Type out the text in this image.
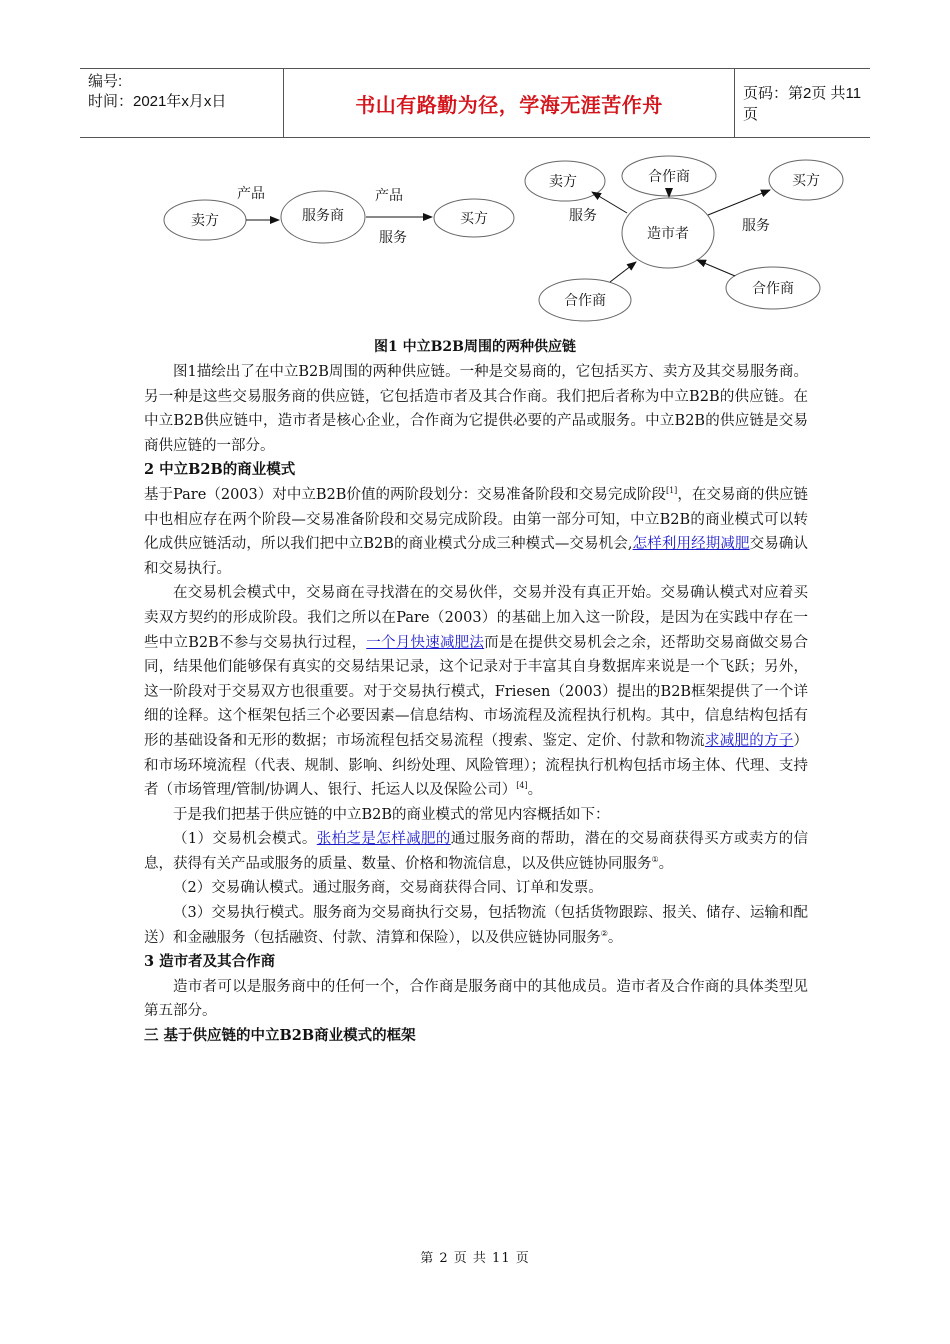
编号:
时间：2021年x月x日	书山有路勤为径，学海无涯苦作舟	页码：第2页 共11页
卖方	服务商	买方
产品	产品
服务
卖方	合作商	买方
造市者
合作商
合作商
服务
服务
图1 中立B2B周围的两种供应链

图1描绘出了在中立B2B周围的两种供应链。一种是交易商的，它包括买方、卖方及其交易服务商。另一种是这些交易服务商的供应链，它包括造市者及其合作商。我们把后者称为中立B2B的供应链。在中立B2B供应链中，造市者是核心企业，合作商为它提供必要的产品或服务。中立B2B的供应链是交易商供应链的一部分。

2 中立B2B的商业模式

基于Pare（2003）对中立B2B价值的两阶段划分：交易准备阶段和交易完成阶段[1]，在交易商的供应链中也相应存在两个阶段—交易准备阶段和交易完成阶段。由第一部分可知，中立B2B的商业模式可以转化成供应链活动，所以我们把中立B2B的商业模式分成三种模式—交易机会,怎样利用经期减肥交易确认和交易执行。

在交易机会模式中，交易商在寻找潜在的交易伙伴，交易并没有真正开始。交易确认模式对应着买卖双方契约的形成阶段。我们之所以在Pare（2003）的基础上加入这一阶段，是因为在实践中存在一些中立B2B不参与交易执行过程，一个月快速减肥法而是在提供交易机会之余，还帮助交易商做交易合同，结果他们能够保有真实的交易结果记录，这个记录对于丰富其自身数据库来说是一个飞跃；另外，这一阶段对于交易双方也很重要。对于交易执行模式，Friesen（2003）提出的B2B框架提供了一个详细的诠释。这个框架包括三个必要因素—信息结构、市场流程及流程执行机构。其中，信息结构包括有形的基础设备和无形的数据；市场流程包括交易流程（搜索、鉴定、定价、付款和物流求减肥的方子）和市场环境流程（代表、规制、影响、纠纷处理、风险管理）；流程执行机构包括市场主体、代理、支持者（市场管理/管制/协调人、银行、托运人以及保险公司）[4]。

于是我们把基于供应链的中立B2B的商业模式的常见内容概括如下：

（1）交易机会模式。张柏芝是怎样减肥的通过服务商的帮助，潜在的交易商获得买方或卖方的信息，获得有关产品或服务的质量、数量、价格和物流信息，以及供应链协同服务①。

（2）交易确认模式。通过服务商，交易商获得合同、订单和发票。

（3）交易执行模式。服务商为交易商执行交易，包括物流（包括货物跟踪、报关、储存、运输和配送）和金融服务（包括融资、付款、清算和保险），以及供应链协同服务②。

3 造市者及其合作商

造市者可以是服务商中的任何一个，合作商是服务商中的其他成员。造市者及合作商的具体类型见第五部分。

三 基于供应链的中立B2B商业模式的框架

第 2 页 共 11 页
